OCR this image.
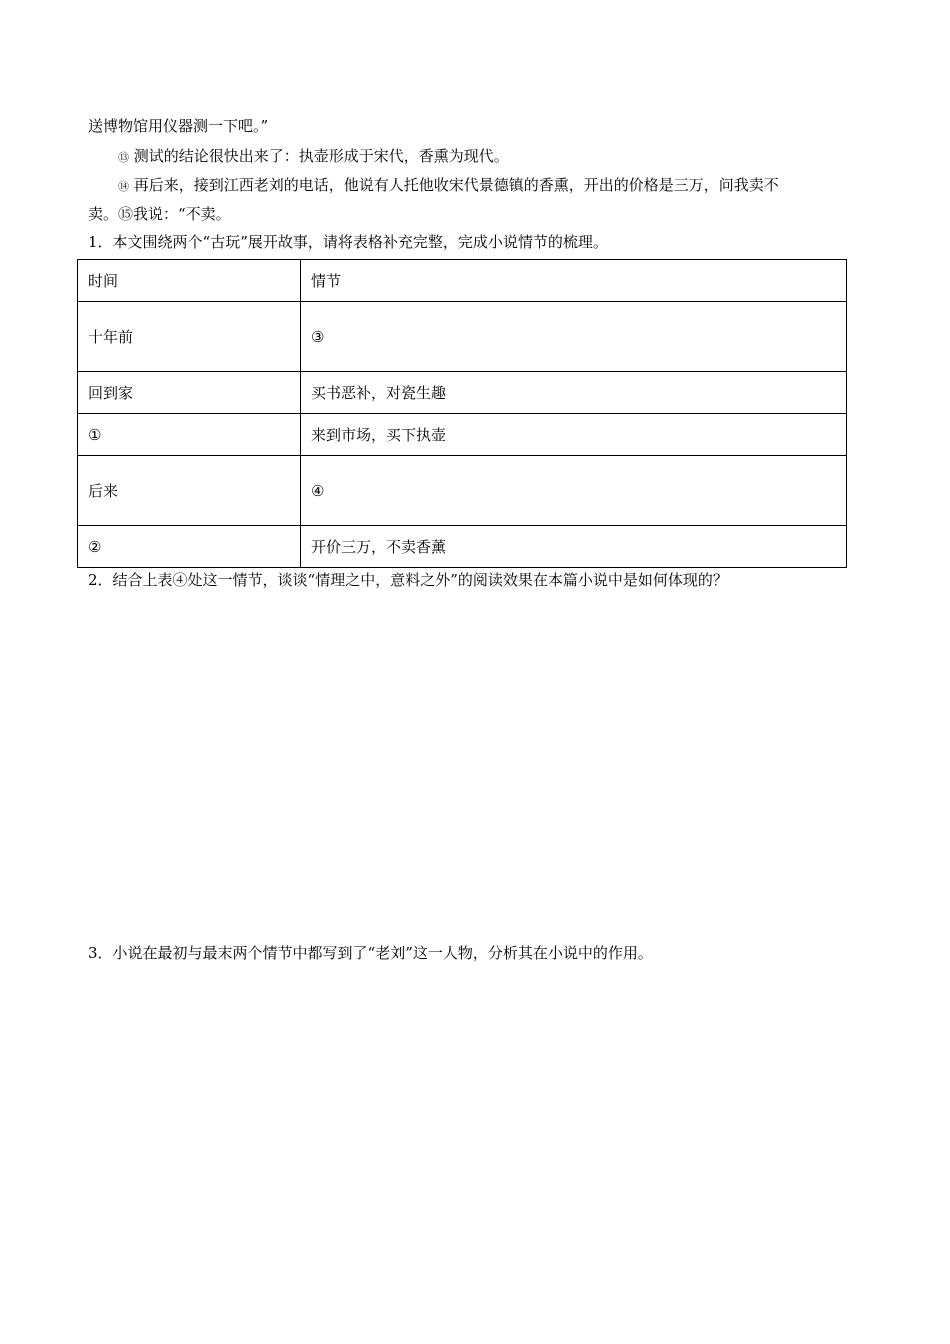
送博物馆用仪器测一下吧。”
⑬ 测试的结论很快出来了：执壶形成于宋代，香熏为现代。
⑭ 再后来，接到江西老刘的电话，他说有人托他收宋代景德镇的香熏，开出的价格是三万，问我卖不
卖。⑮我说：“不卖。
1．本文围绕两个“古玩”展开故事，请将表格补充完整，完成小说情节的梳理。
时间	情节
十年前	③
回到家	买书恶补，对瓷生趣
①	来到市场，买下执壶
后来	④
②	开价三万，不卖香薰
2．结合上表④处这一情节，谈谈“情理之中，意料之外”的阅读效果在本篇小说中是如何体现的？
3．小说在最初与最末两个情节中都写到了“老刘”这一人物，分析其在小说中的作用。
